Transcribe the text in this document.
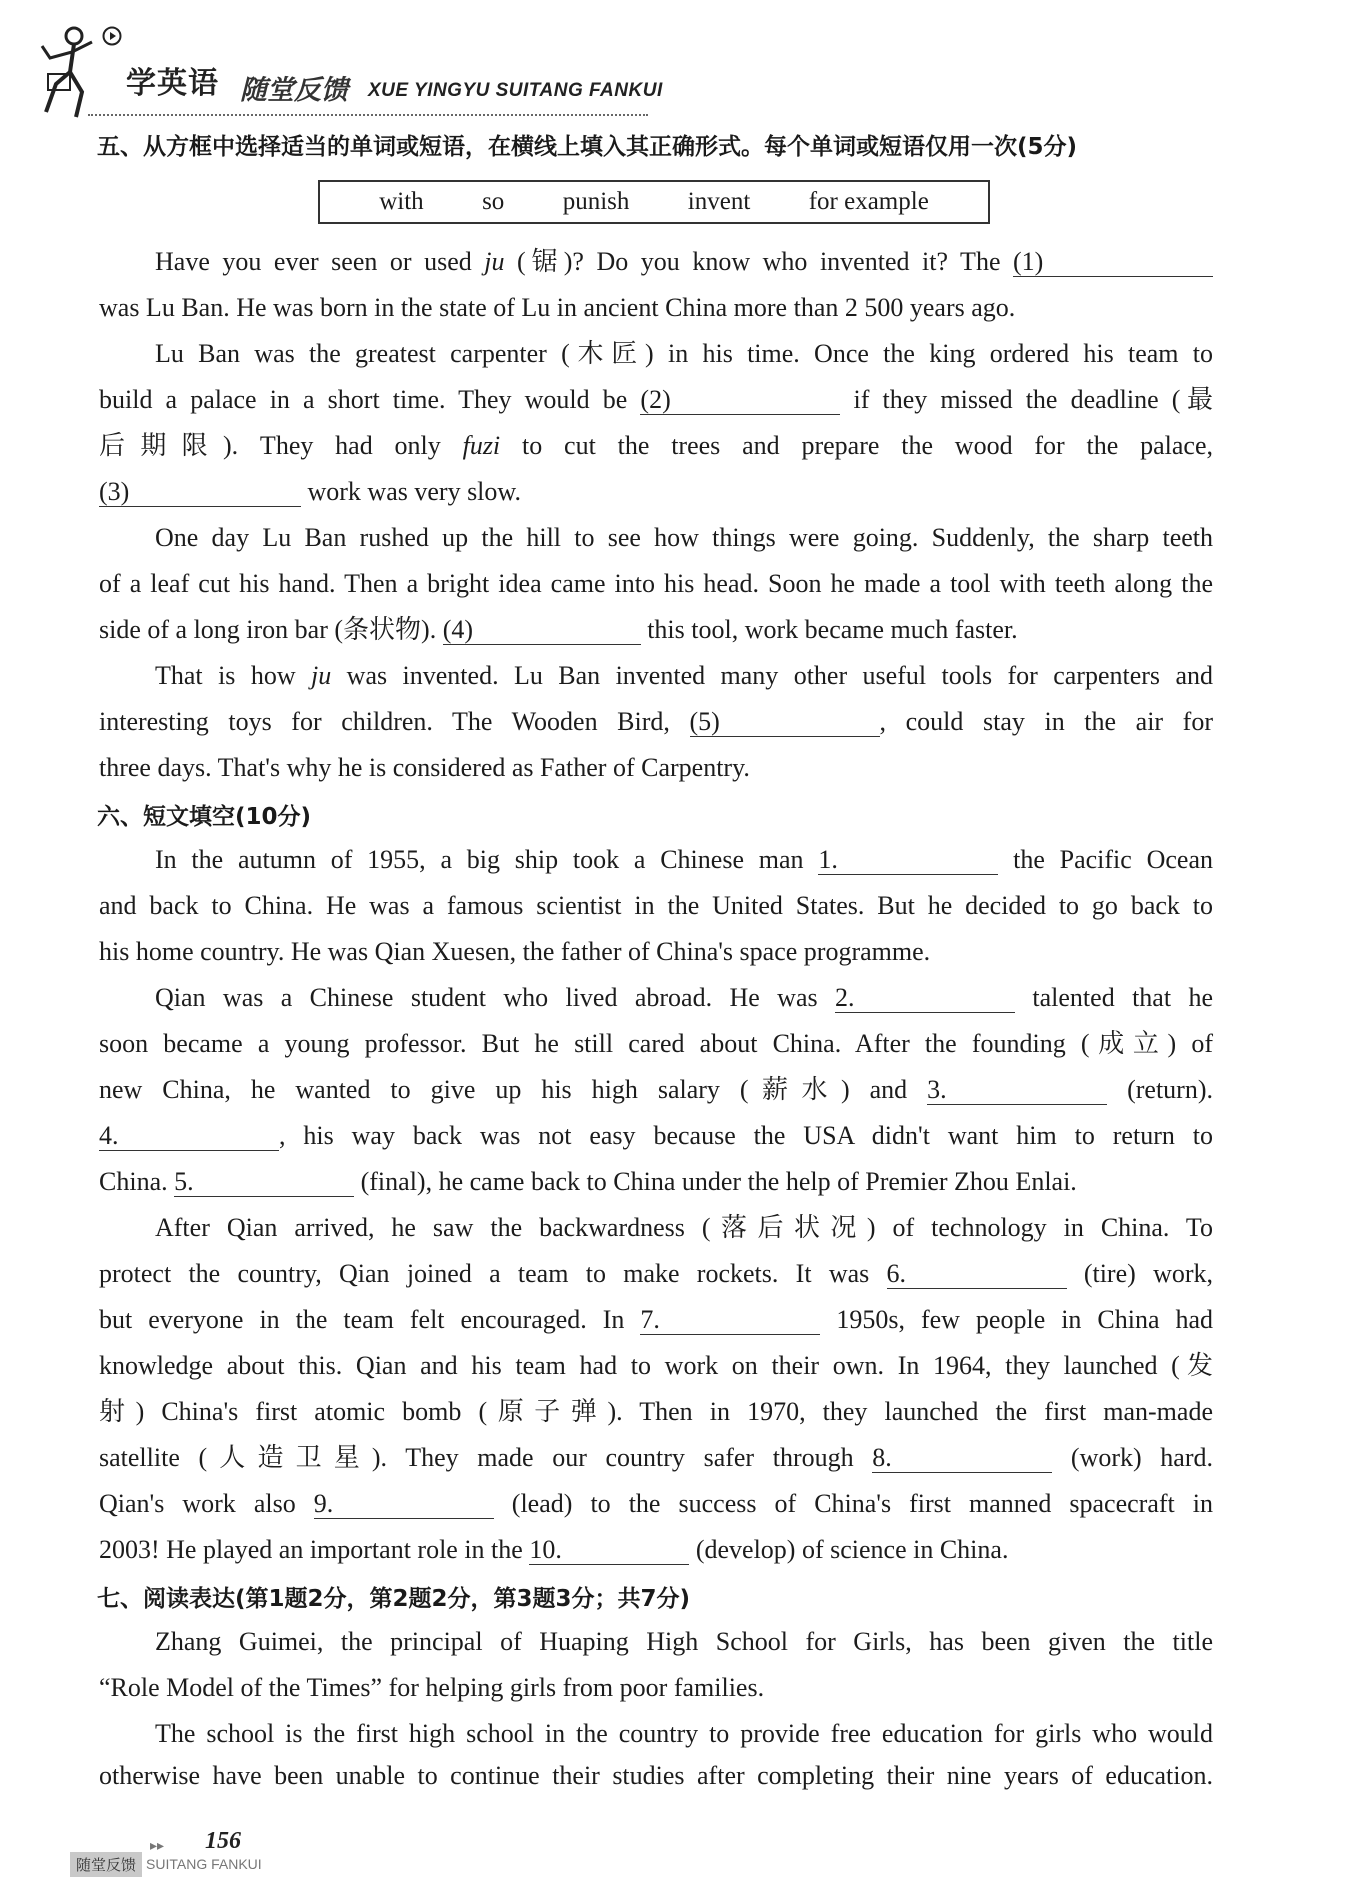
学英语 随堂反馈 XUE YINGYU SUITANG FANKUI
五、从方框中选择适当的单词或短语，在横线上填入其正确形式。每个单词或短语仅用一次(5分)
with so punish invent for example
Have you ever seen or used ju (锯)? Do you know who invented it? The (1)
was Lu Ban. He was born in the state of Lu in ancient China more than 2 500 years ago.
Lu Ban was the greatest carpenter (木匠) in his time. Once the king ordered his team to
build a palace in a short time. They would be (2)	if they missed the deadline (最
后期限). They had only fuzi to cut the trees and prepare the wood for the palace,
(3)	work was very slow.
One day Lu Ban rushed up the hill to see how things were going. Suddenly, the sharp teeth
of a leaf cut his hand. Then a bright idea came into his head. Soon he made a tool with teeth along the
side of a long iron bar (条状物). (4)	this tool, work became much faster.
That is how ju was invented. Lu Ban invented many other useful tools for carpenters and
interesting toys for children. The Wooden Bird, (5)	, could stay in the air for
three days. That's why he is considered as Father of Carpentry.
六、短文填空(10分)
In the autumn of 1955, a big ship took a Chinese man 1.	the Pacific Ocean
and back to China. He was a famous scientist in the United States. But he decided to go back to
his home country. He was Qian Xuesen, the father of China's space programme.
Qian was a Chinese student who lived abroad. He was 2.	talented that he
soon became a young professor. But he still cared about China. After the founding (成立) of
new China, he wanted to give up his high salary (薪水) and 3.	(return).
4.	, his way back was not easy because the USA didn't want him to return to
China. 5.	(final), he came back to China under the help of Premier Zhou Enlai.
After Qian arrived, he saw the backwardness (落后状况) of technology in China. To
protect the country, Qian joined a team to make rockets. It was 6.	(tire) work,
but everyone in the team felt encouraged. In 7.	1950s, few people in China had
knowledge about this. Qian and his team had to work on their own. In 1964, they launched (发
射) China's first atomic bomb (原子弹). Then in 1970, they launched the first man-made
satellite (人造卫星). They made our country safer through 8.	(work) hard.
Qian's work also 9.	(lead) to the success of China's first manned spacecraft in
2003! He played an important role in the 10.	(develop) of science in China.
七、阅读表达(第1题2分，第2题2分，第3题3分；共7分)
Zhang Guimei, the principal of Huaping High School for Girls, has been given the title
“Role Model of the Times” for helping girls from poor families.
The school is the first high school in the country to provide free education for girls who would
otherwise have been unable to continue their studies after completing their nine years of education.
▸▸ 156
随堂反馈 SUITANG FANKUI
